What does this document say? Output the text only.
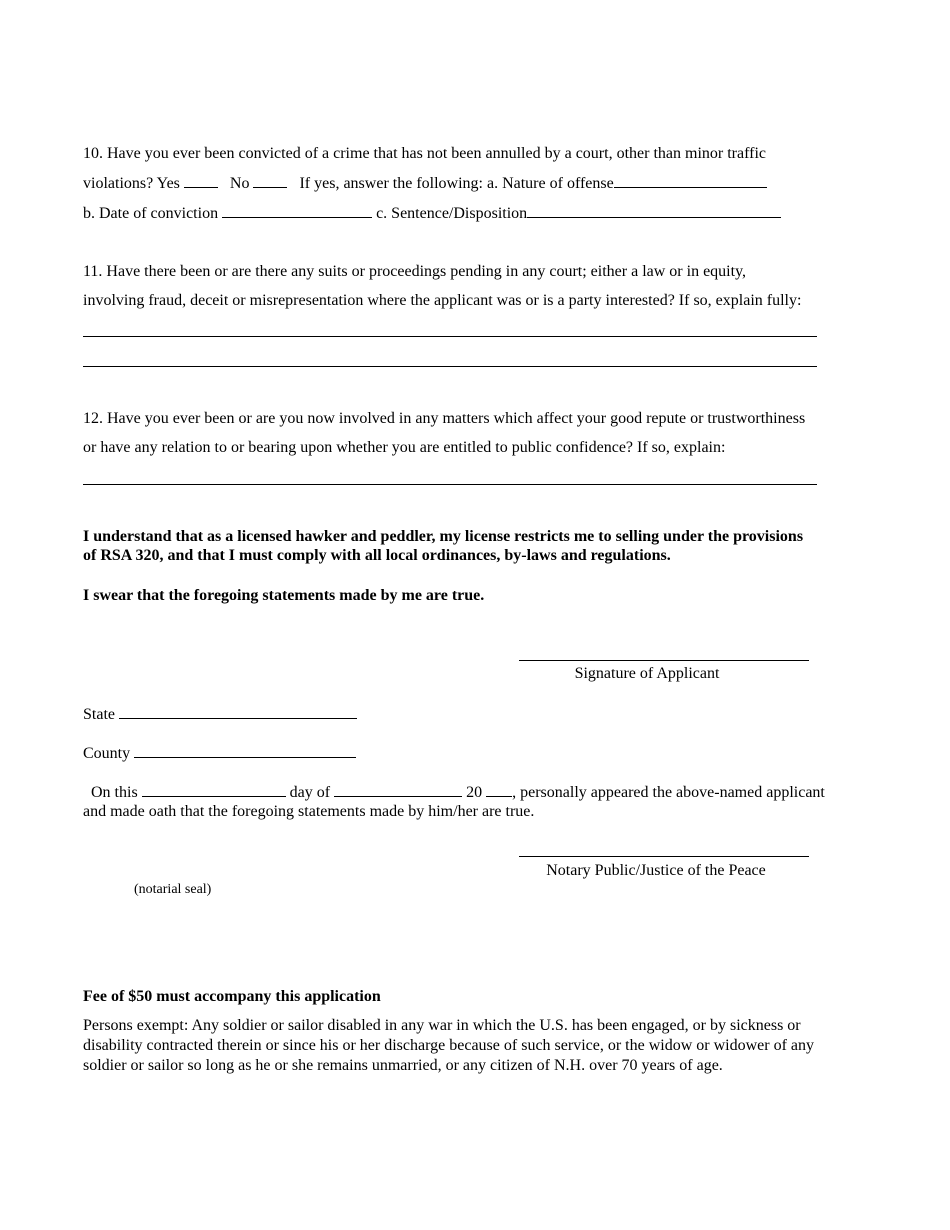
10. Have you ever been convicted of a crime that has not been annulled by a court, other than minor traffic
violations? Yes	No	If yes, answer the following: a. Nature of offense
b. Date of conviction	c. Sentence/Disposition
11. Have there been or are there any suits or proceedings pending in any court; either a law or in equity,
involving fraud, deceit or misrepresentation where the applicant was or is a party interested? If so, explain fully:
12. Have you ever been or are you now involved in any matters which affect your good repute or trustworthiness
or have any relation to or bearing upon whether you are entitled to public confidence? If so, explain:
I understand that as a licensed hawker and peddler, my license restricts me to selling under the provisions
of RSA 320, and that I must comply with all local ordinances, by-laws and regulations.
I swear that the foregoing statements made by me are true.
Signature of Applicant
State
County
On this	day of	20 , personally appeared the above-named applicant
and made oath that the foregoing statements made by him/her are true.
Notary Public/Justice of the Peace
(notarial seal)
Fee of $50 must accompany this application
Persons exempt: Any soldier or sailor disabled in any war in which the U.S. has been engaged, or by sickness or
disability contracted therein or since his or her discharge because of such service, or the widow or widower of any
soldier or sailor so long as he or she remains unmarried, or any citizen of N.H. over 70 years of age.
